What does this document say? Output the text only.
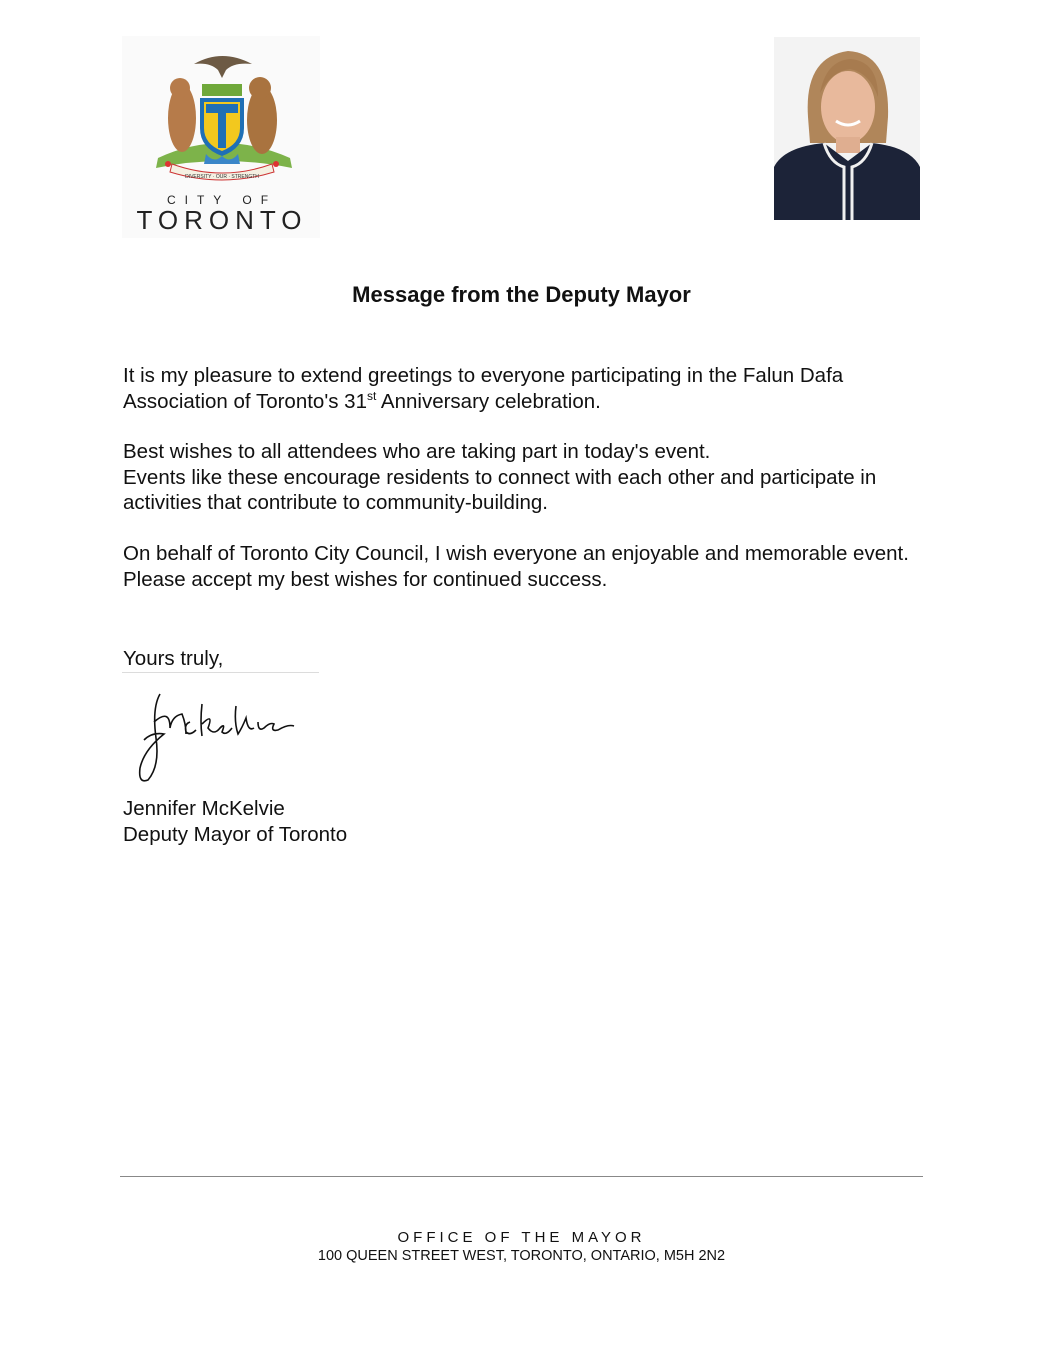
DIVERSITY · OUR · STRENGTH
CITY OF
TORONTO
Message from the Deputy Mayor

It is my pleasure to extend greetings to everyone participating in the Falun Dafa Association of Toronto's 31st Anniversary celebration.

Best wishes to all attendees who are taking part in today's event.
Events like these encourage residents to connect with each other and participate in activities that contribute to community-building.

On behalf of Toronto City Council, I wish everyone an enjoyable and memorable event. Please accept my best wishes for continued success.

Yours truly,
Jennifer McKelvie
Deputy Mayor of Toronto
OFFICE OF THE MAYOR
100 QUEEN STREET WEST, TORONTO, ONTARIO, M5H 2N2
